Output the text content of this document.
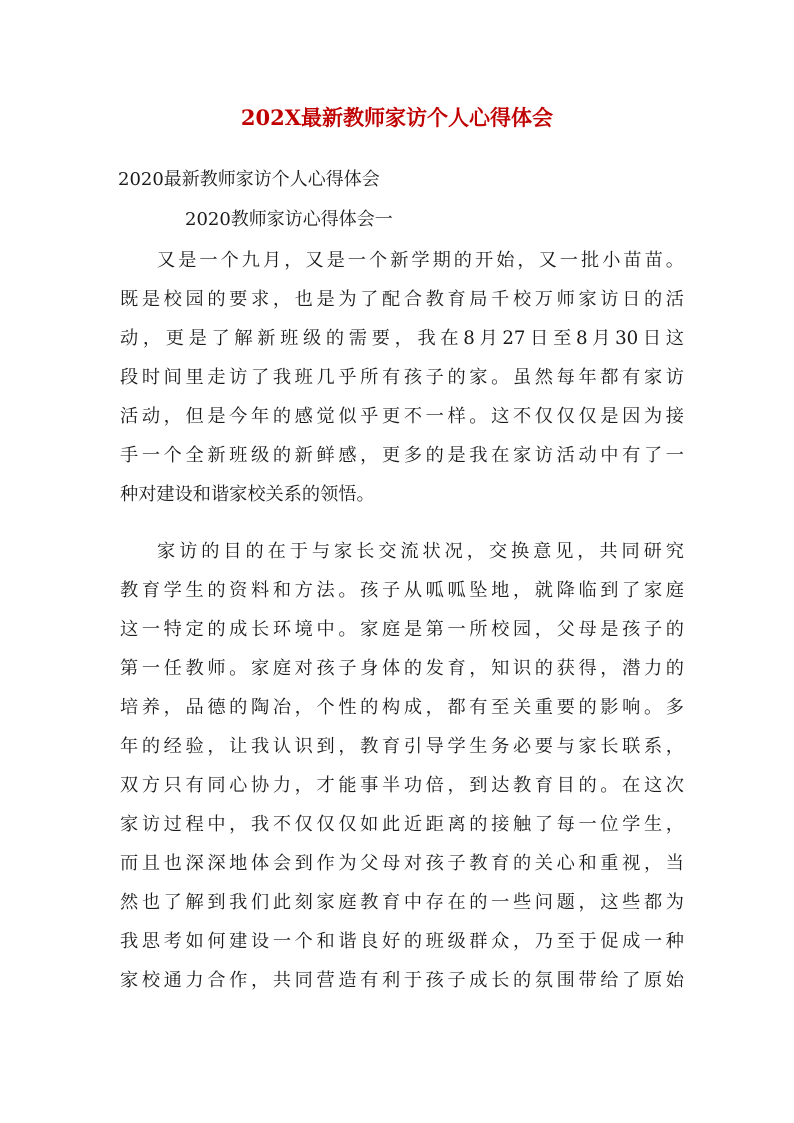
202X最新教师家访个人心得体会
2020最新教师家访个人心得体会
2020教师家访心得体会一
又是一个九月，又是一个新学期的开始，又一批小苗苗。
既是校园的要求，也是为了配合教育局千校万师家访日的活
动，更是了解新班级的需要，我在8月27日至8月30日这
段时间里走访了我班几乎所有孩子的家。虽然每年都有家访
活动，但是今年的感觉似乎更不一样。这不仅仅仅是因为接
手一个全新班级的新鲜感，更多的是我在家访活动中有了一
种对建设和谐家校关系的领悟。
家访的目的在于与家长交流状况，交换意见，共同研究
教育学生的资料和方法。孩子从呱呱坠地，就降临到了家庭
这一特定的成长环境中。家庭是第一所校园，父母是孩子的
第一任教师。家庭对孩子身体的发育，知识的获得，潜力的
培养，品德的陶冶，个性的构成，都有至关重要的影响。多
年的经验，让我认识到，教育引导学生务必要与家长联系，
双方只有同心协力，才能事半功倍，到达教育目的。在这次
家访过程中，我不仅仅仅如此近距离的接触了每一位学生，
而且也深深地体会到作为父母对孩子教育的关心和重视，当
然也了解到我们此刻家庭教育中存在的一些问题，这些都为
我思考如何建设一个和谐良好的班级群众，乃至于促成一种
家校通力合作，共同营造有利于孩子成长的氛围带给了原始
